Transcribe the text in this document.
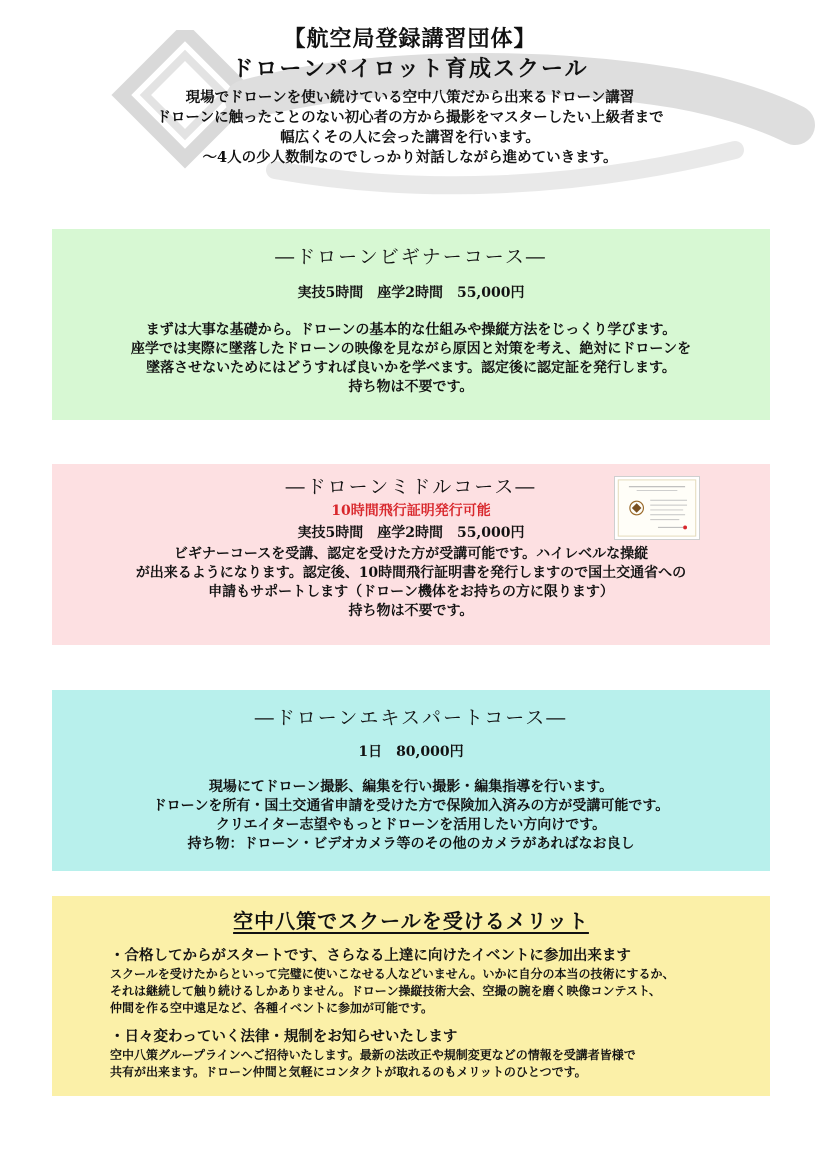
【航空局登録講習団体】
ドローンパイロット育成スクール
現場でドローンを使い続けている空中八策だから出来るドローン講習
ドローンに触ったことのない初心者の方から撮影をマスターしたい上級者まで
幅広くその人に会った講習を行います。
〜4人の少人数制なのでしっかり対話しながら進めていきます。
―ドローンビギナーコース―
実技5時間　座学2時間　55,000円
まずは大事な基礎から。ドローンの基本的な仕組みや操縦方法をじっくり学びます。
座学では実際に墜落したドローンの映像を見ながら原因と対策を考え、絶対にドローンを
墜落させないためにはどうすれば良いかを学べます。認定後に認定証を発行します。
持ち物は不要です。
―ドローンミドルコース―
10時間飛行証明発行可能
実技5時間　座学2時間　55,000円
ビギナーコースを受講、認定を受けた方が受講可能です。ハイレベルな操縦
が出来るようになります。認定後、10時間飛行証明書を発行しますので国土交通省への
申請もサポートします（ドローン機体をお持ちの方に限ります）
持ち物は不要です。
―ドローンエキスパートコース―
1日　80,000円
現場にてドローン撮影、編集を行い撮影・編集指導を行います。
ドローンを所有・国土交通省申請を受けた方で保険加入済みの方が受講可能です。
クリエイター志望やもっとドローンを活用したい方向けです。
持ち物：ドローン・ビデオカメラ等のその他のカメラがあればなお良し
空中八策でスクールを受けるメリット
・合格してからがスタートです、さらなる上達に向けたイベントに参加出来ます
スクールを受けたからといって完璧に使いこなせる人などいません。いかに自分の本当の技術にするか、
それは継続して触り続けるしかありません。ドローン操縦技術大会、空撮の腕を磨く映像コンテスト、
仲間を作る空中遠足など、各種イベントに参加が可能です。
・日々変わっていく法律・規制をお知らせいたします
空中八策グループラインへご招待いたします。最新の法改正や規制変更などの情報を受講者皆様で
共有が出来ます。ドローン仲間と気軽にコンタクトが取れるのもメリットのひとつです。
